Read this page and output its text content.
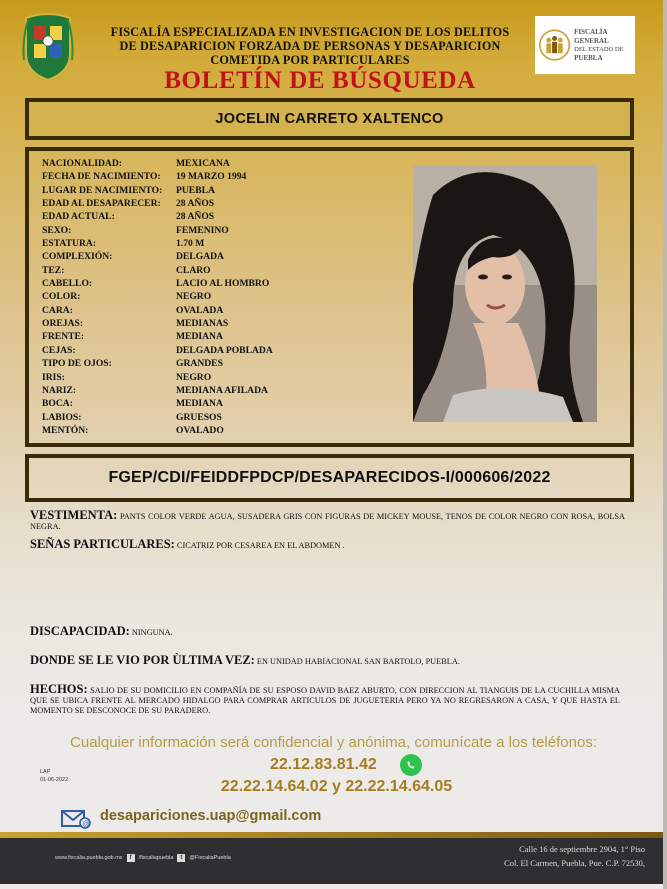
FISCALÍA ESPECIALIZADA EN INVESTIGACION DE LOS DELITOS
DE DESAPARICION FORZADA DE PERSONAS Y DESAPARICION
COMETIDA POR PARTICULARES
BOLETÍN DE BÚSQUEDA
FISCALÍA GENERAL
DEL ESTADO DE
PUEBLA
JOCELIN CARRETO XALTENCO
NACIONALIDAD:	MEXICANA
FECHA DE NACIMIENTO:	19 MARZO 1994
LUGAR DE NACIMIENTO:	PUEBLA
EDAD AL DESAPARECER:	28 AÑOS
EDAD ACTUAL:	28 AÑOS
SEXO:	FEMENINO
ESTATURA:	1.70 M
COMPLEXIÓN:	DELGADA
TEZ:	CLARO
CABELLO:	LACIO AL HOMBRO
COLOR:	NEGRO
CARA:	OVALADA
OREJAS:	MEDIANAS
FRENTE:	MEDIANA
CEJAS:	DELGADA POBLADA
TIPO DE OJOS:	GRANDES
IRIS:	NEGRO
NARIZ:	MEDIANA AFILADA
BOCA:	MEDIANA
LABIOS:	GRUESOS
MENTÓN:	OVALADO
FGEP/CDI/FEIDDFPDCP/DESAPARECIDOS-I/000606/2022
VESTIMENTA: PANTS COLOR VERDE AGUA, SUSADERA GRIS CON FIGURAS DE MICKEY MOUSE, TENOS DE COLOR NEGRO CON ROSA, BOLSA NEGRA.
SEÑAS PARTICULARES: CICATRIZ POR CESAREA EN EL ABDOMEN .
DISCAPACIDAD: NINGUNA.
DONDE SE LE VIO POR ÙLTIMA VEZ: EN UNIDAD HABIACIONAL SAN BARTOLO, PUEBLA.
HECHOS: SALIO DE SU DOMICILIO EN COMPAÑÍA DE SU ESPOSO DAVID BAEZ ABURTO, CON DIRECCION AL TIANGUIS DE LA CUCHILLA MISMA QUE SE UBICA FRENTE AL MERCADO HIDALGO PARA COMPRAR ARTICULOS DE JUGUETERIA PERO YA NO REGRESARON A CASA, Y QUE HASTA EL MOMENTO SE DESCONOCE DE SU PARADERO.
Cualquier información será confidencial y anónima, comunícate a los teléfonos:
22.12.83.81.42
LAP
01-06-2022	22.22.14.64.02 y 22.22.14.64.05
@
desapariciones.uap@gmail.com
www.fiscalia.puebla.gob.mx	f	/fiscaliapuebla	t	@FiscaliaPuebla
Calle 16 de septiembre 2904, 1° Piso
Col. El Carmen, Puebla, Pue. C.P. 72530,
